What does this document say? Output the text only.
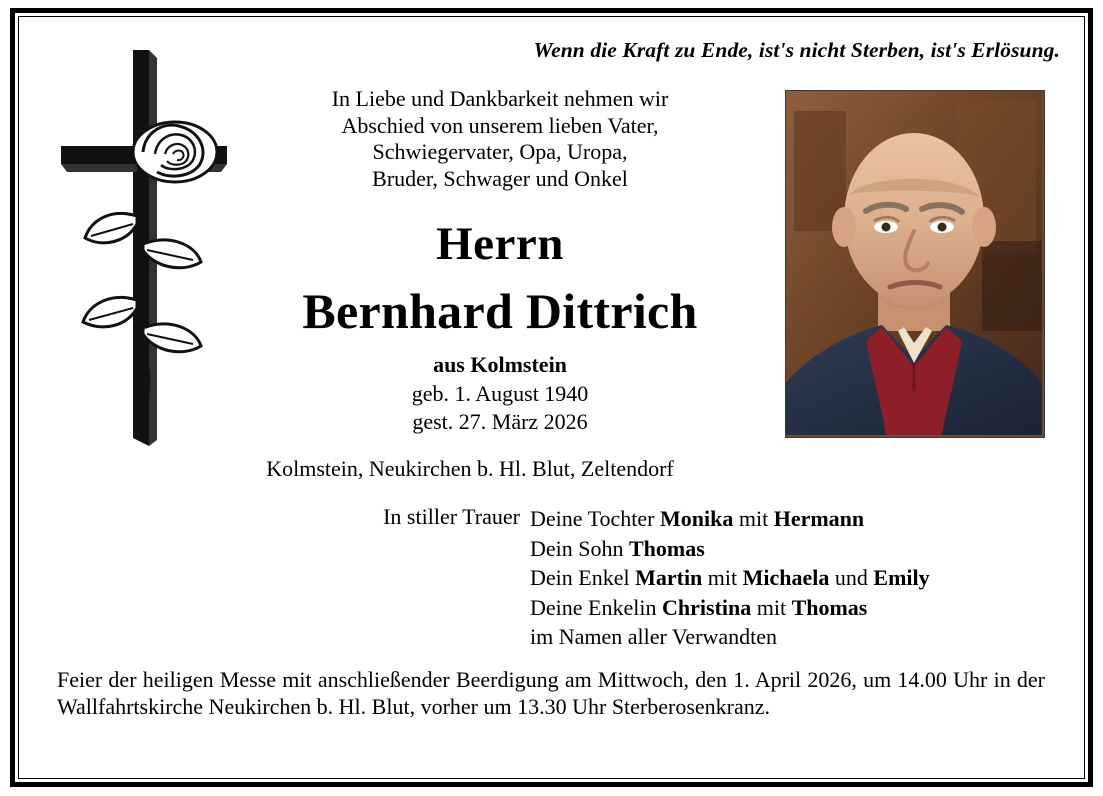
Wenn die Kraft zu Ende, ist's nicht Sterben, ist's Erlösung.
In Liebe und Dankbarkeit nehmen wir
Abschied von unserem lieben Vater,
Schwiegervater, Opa, Uropa,
Bruder, Schwager und Onkel
Herrn
Bernhard Dittrich
aus Kolmstein
geb. 1. August 1940
gest. 27. März 2026
Kolmstein, Neukirchen b. Hl. Blut, Zeltendorf
In stiller Trauer Deine Tochter Monika mit Hermann
Dein Sohn Thomas
Dein Enkel Martin mit Michaela und Emily
Deine Enkelin Christina mit Thomas
im Namen aller Verwandten
Feier der heiligen Messe mit anschließender Beerdigung am Mittwoch, den 1. April 2026, um 14.00 Uhr in der Wallfahrtskirche Neukirchen b. Hl. Blut, vorher um 13.30 Uhr Sterberosenkranz.
